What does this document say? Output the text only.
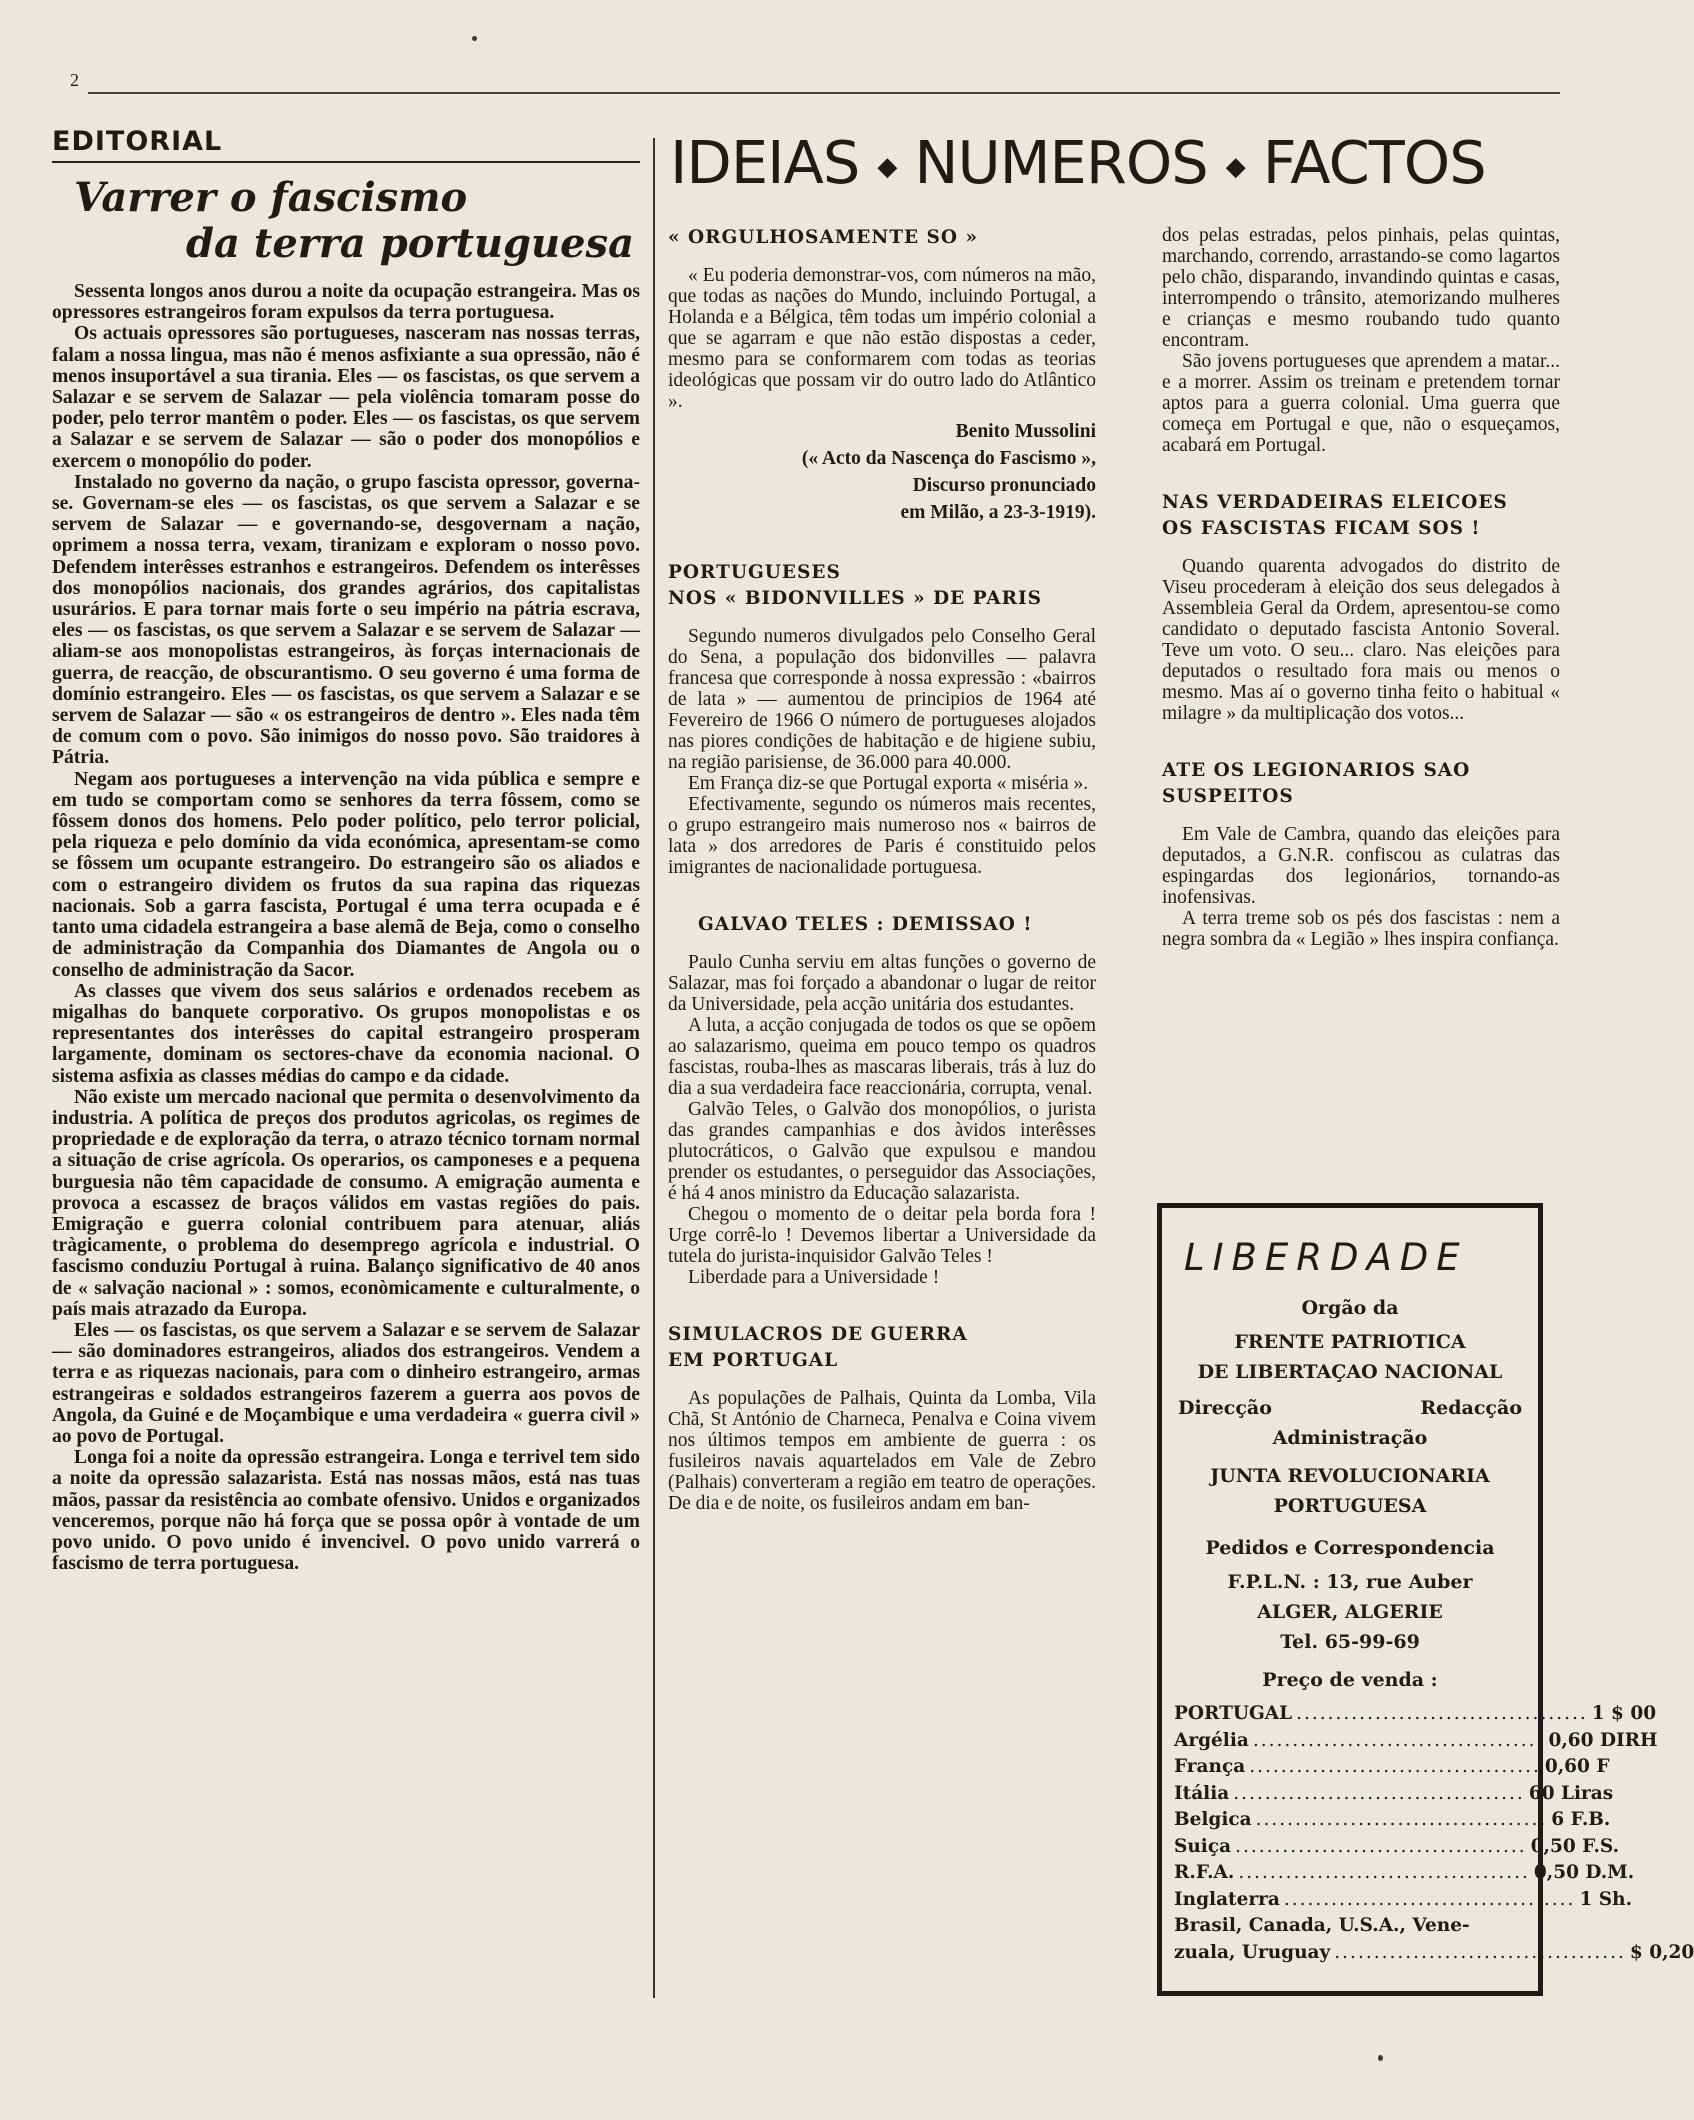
2
EDITORIAL
Varrer o fascismo
da terra portuguesa

Sessenta longos anos durou a noite da ocupação estrangeira. Mas os opressores estrangeiros foram expulsos da terra portuguesa.

Os actuais opressores são portugueses, nasceram nas nossas terras, falam a nossa lingua, mas não é menos asfixiante a sua opressão, não é menos insuportável a sua tirania. Eles — os fascistas, os que servem a Salazar e se servem de Salazar — pela violência tomaram posse do poder, pelo terror mantêm o poder. Eles — os fascistas, os que servem a Salazar e se servem de Salazar — são o poder dos monopólios e exercem o monopólio do poder.

Instalado no governo da nação, o grupo fascista opressor, governa-se. Governam-se eles — os fascistas, os que servem a Salazar e se servem de Salazar — e governando-se, desgovernam a nação, oprimem a nossa terra, vexam, tiranizam e exploram o nosso povo. Defendem interêsses estranhos e estrangeiros. Defendem os interêsses dos monopólios nacionais, dos grandes agrários, dos capitalistas usurários. E para tornar mais forte o seu império na pátria escrava, eles — os fascistas, os que servem a Salazar e se servem de Salazar — aliam-se aos monopolistas estrangeiros, às forças internacionais de guerra, de reacção, de obscurantismo. O seu governo é uma forma de domínio estrangeiro. Eles — os fascistas, os que servem a Salazar e se servem de Salazar — são « os estrangeiros de dentro ». Eles nada têm de comum com o povo. São inimigos do nosso povo. São traidores à Pátria.

Negam aos portugueses a intervenção na vida pública e sempre e em tudo se comportam como se senhores da terra fôssem, como se fôssem donos dos homens. Pelo poder político, pelo terror policial, pela riqueza e pelo domínio da vida económica, apresentam-se como se fôssem um ocupante estrangeiro. Do estrangeiro são os aliados e com o estrangeiro dividem os frutos da sua rapina das riquezas nacionais. Sob a garra fascista, Portugal é uma terra ocupada e é tanto uma cidadela estrangeira a base alemã de Beja, como o conselho de administração da Companhia dos Diamantes de Angola ou o conselho de administração da Sacor.

As classes que vivem dos seus salários e ordenados recebem as migalhas do banquete corporativo. Os grupos monopolistas e os representantes dos interêsses do capital estrangeiro prosperam largamente, dominam os sectores-chave da economia nacional. O sistema asfixia as classes médias do campo e da cidade.

Não existe um mercado nacional que permita o desenvolvimento da industria. A política de preços dos produtos agricolas, os regimes de propriedade e de exploração da terra, o atrazo técnico tornam normal a situação de crise agrícola. Os operarios, os camponeses e a pequena burguesia não têm capacidade de consumo. A emigração aumenta e provoca a escassez de braços válidos em vastas regiões do pais. Emigração e guerra colonial contribuem para atenuar, aliás tràgicamente, o problema do desemprego agrícola e industrial. O fascismo conduziu Portugal à ruina. Balanço significativo de 40 anos de « salvação nacional » : somos, econòmicamente e culturalmente, o país mais atrazado da Europa.

Eles — os fascistas, os que servem a Salazar e se servem de Salazar — são dominadores estrangeiros, aliados dos estrangeiros. Vendem a terra e as riquezas nacionais, para com o dinheiro estrangeiro, armas estrangeiras e soldados estrangeiros fazerem a guerra aos povos de Angola, da Guiné e de Moçambique e uma verdadeira « guerra civil » ao povo de Portugal.

Longa foi a noite da opressão estrangeira. Longa e terrivel tem sido a noite da opressão salazarista. Está nas nossas mãos, está nas tuas mãos, passar da resistência ao combate ofensivo. Unidos e organizados venceremos, porque não há força que se possa opôr à vontade de um povo unido. O povo unido é invencivel. O povo unido varrerá o fascismo de terra portuguesa.

IDEIAS ◆ NUMEROS ◆ FACTOS
« ORGULHOSAMENTE SO »

« Eu poderia demonstrar-vos, com números na mão, que todas as nações do Mundo, incluindo Portugal, a Holanda e a Bélgica, têm todas um império colonial a que se agarram e que não estão dispostas a ceder, mesmo para se conformarem com todas as teorias ideológicas que possam vir do outro lado do Atlântico ».

Benito Mussolini
(« Acto da Nascença do Fascismo »,
Discurso pronunciado
em Milão, a 23-3-1919).
PORTUGUESES
NOS « BIDONVILLES » DE PARIS

Segundo numeros divulgados pelo Conselho Geral do Sena, a população dos bidonvilles — palavra francesa que corresponde à nossa expressão : «bairros de lata » — aumentou de principios de 1964 até Fevereiro de 1966 O número de portugueses alojados nas piores condições de habitação e de higiene subiu, na região parisiense, de 36.000 para 40.000.

Em França diz-se que Portugal exporta « miséria ».

Efectivamente, segundo os números mais recentes, o grupo estrangeiro mais numeroso nos « bairros de lata » dos arredores de Paris é constituido pelos imigrantes de nacionalidade portuguesa.

GALVAO TELES : DEMISSAO !

Paulo Cunha serviu em altas funções o governo de Salazar, mas foi forçado a abandonar o lugar de reitor da Universidade, pela acção unitária dos estudantes.

A luta, a acção conjugada de todos os que se opõem ao salazarismo, queima em pouco tempo os quadros fascistas, rouba-lhes as mascaras liberais, trás à luz do dia a sua verdadeira face reaccionária, corrupta, venal.

Galvão Teles, o Galvão dos monopólios, o jurista das grandes campanhias e dos àvidos interêsses plutocráticos, o Galvão que expulsou e mandou prender os estudantes, o perseguidor das Associações, é há 4 anos ministro da Educação salazarista.

Chegou o momento de o deitar pela borda fora ! Urge corrê-lo ! Devemos libertar a Universidade da tutela do jurista-inquisidor Galvão Teles !

Liberdade para a Universidade !

SIMULACROS DE GUERRA
EM PORTUGAL

As populações de Palhais, Quinta da Lomba, Vila Chã, St António de Charneca, Penalva e Coina vivem nos últimos tempos em ambiente de guerra : os fusileiros navais aquartelados em Vale de Zebro (Palhais) converteram a região em teatro de operações. De dia e de noite, os fusileiros andam em ban-

dos pelas estradas, pelos pinhais, pelas quintas, marchando, correndo, arrastando-se como lagartos pelo chão, disparando, invandindo quintas e casas, interrompendo o trânsito, atemorizando mulheres e crianças e mesmo roubando tudo quanto encontram.

São jovens portugueses que aprendem a matar... e a morrer. Assim os treinam e pretendem tornar aptos para a guerra colonial. Uma guerra que começa em Portugal e que, não o esqueçamos, acabará em Portugal.

NAS VERDADEIRAS ELEICOES
OS FASCISTAS FICAM SOS !

Quando quarenta advogados do distrito de Viseu procederam à eleição dos seus delegados à Assembleia Geral da Ordem, apresentou-se como candidato o deputado fascista Antonio Soveral. Teve um voto. O seu... claro. Nas eleições para deputados o resultado fora mais ou menos o mesmo. Mas aí o governo tinha feito o habitual « milagre » da multiplicação dos votos...

ATE OS LEGIONARIOS SAO
SUSPEITOS

Em Vale de Cambra, quando das eleições para deputados, a G.N.R. confiscou as culatras das espingardas dos legionários, tornando-as inofensivas.

A terra treme sob os pés dos fascistas : nem a negra sombra da « Legião » lhes inspira confiança.

LIBERDADE
Orgão da
FRENTE PATRIOTICA
DE LIBERTAÇAO NACIONAL
Direcção	Redacção
Administração
JUNTA REVOLUCIONARIA
PORTUGUESA
Pedidos e Correspondencia
F.P.L.N. : 13, rue Auber
ALGER, ALGERIE
Tel. 65-99-69
Preço de venda :
PORTUGAL ..................................... 1 $ 00
Argélia ..................................... 0,60 DIRH
França ..................................... 0,60 F
Itália ..................................... 60 Liras
Belgica ..................................... 6 F.B.
Suiça ..................................... 0,50 F.S.
R.F.A. ..................................... 0,50 D.M.
Inglaterra ..................................... 1 Sh.
Brasil, Canada, U.S.A., Vene-
zuala, Uruguay ..................................... $ 0,20
